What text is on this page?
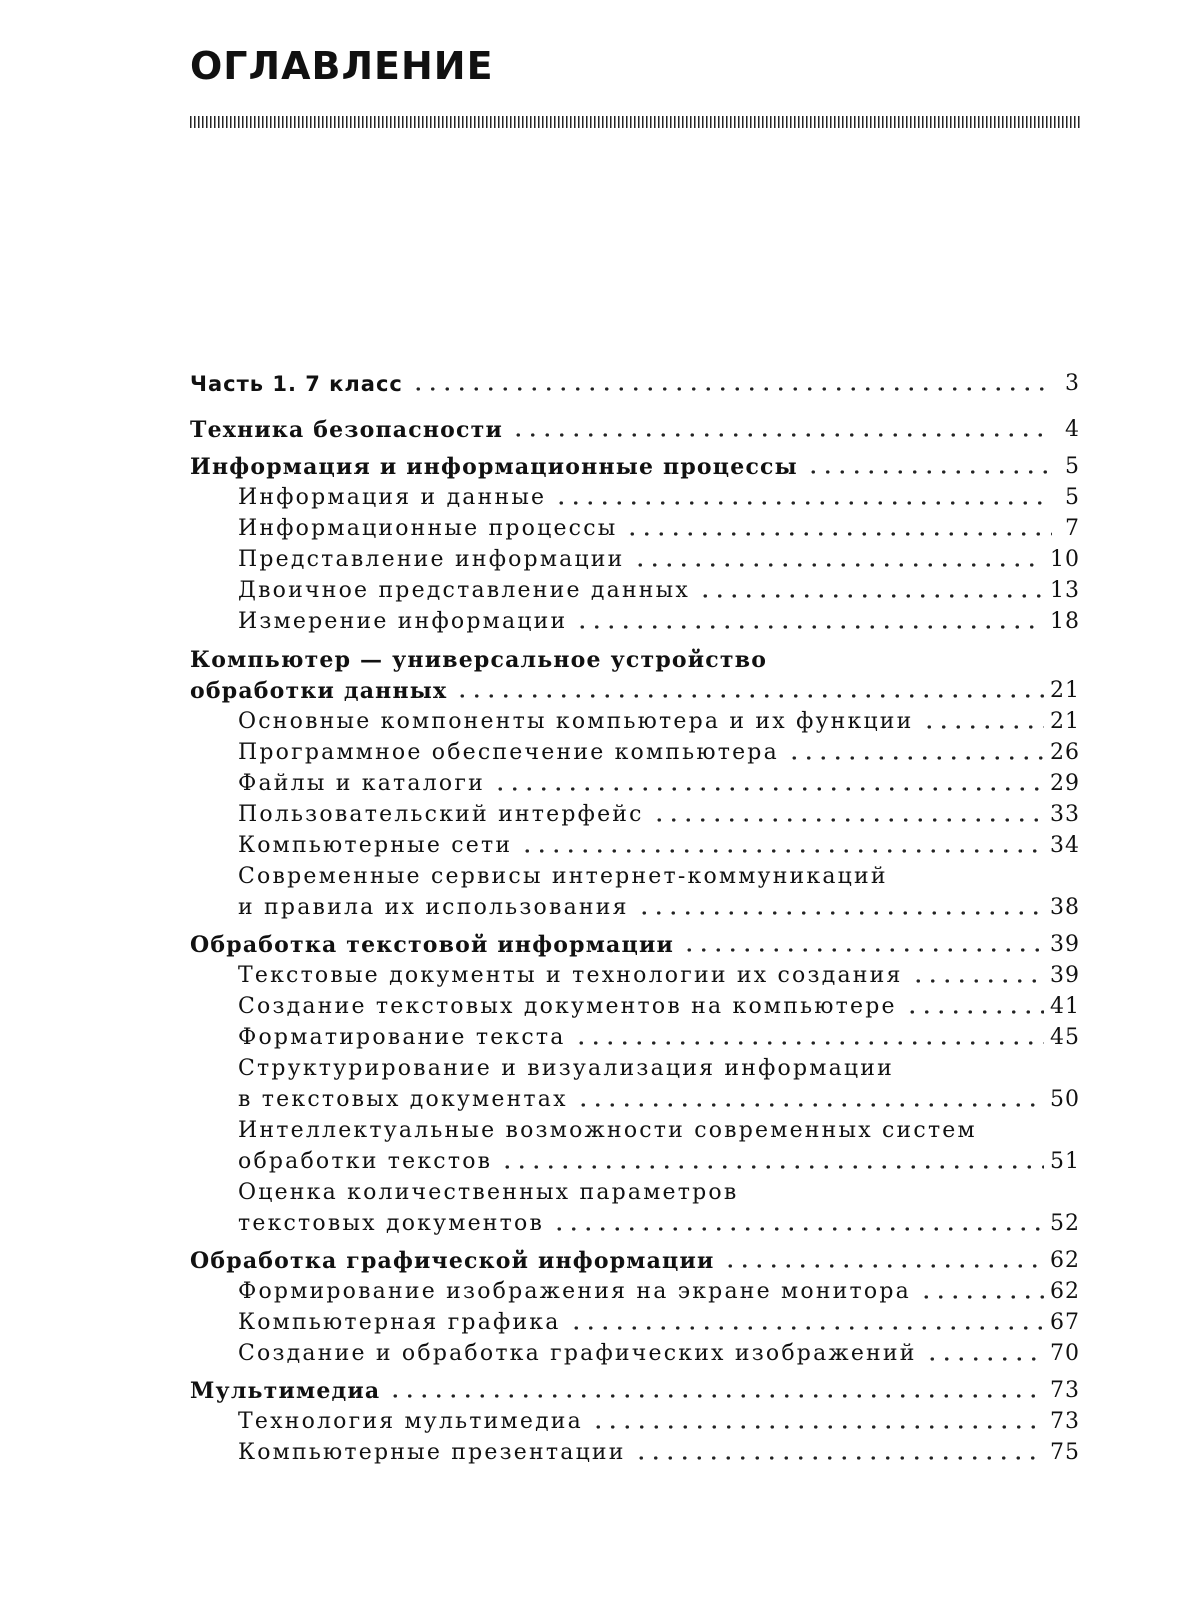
ОГЛАВЛЕНИЕ
Часть 1. 7 класс	3
Техника безопасности	4
Информация и информационные процессы	5
Информация и данные	5
Информационные процессы	7
Представление информации	10
Двоичное представление данных	13
Измерение информации	18
Компьютер — универсальное устройство
обработки данных	21
Основные компоненты компьютера и их функции	21
Программное обеспечение компьютера	26
Файлы и каталоги	29
Пользовательский интерфейс	33
Компьютерные сети	34
Современные сервисы интернет-коммуникаций
и правила их использования	38
Обработка текстовой информации	39
Текстовые документы и технологии их создания	39
Создание текстовых документов на компьютере	41
Форматирование текста	45
Структурирование и визуализация информации
в текстовых документах	50
Интеллектуальные возможности современных систем
обработки текстов	51
Оценка количественных параметров
текстовых документов	52
Обработка графической информации	62
Формирование изображения на экране монитора	62
Компьютерная графика	67
Создание и обработка графических изображений	70
Мультимедиа	73
Технология мультимедиа	73
Компьютерные презентации	75
